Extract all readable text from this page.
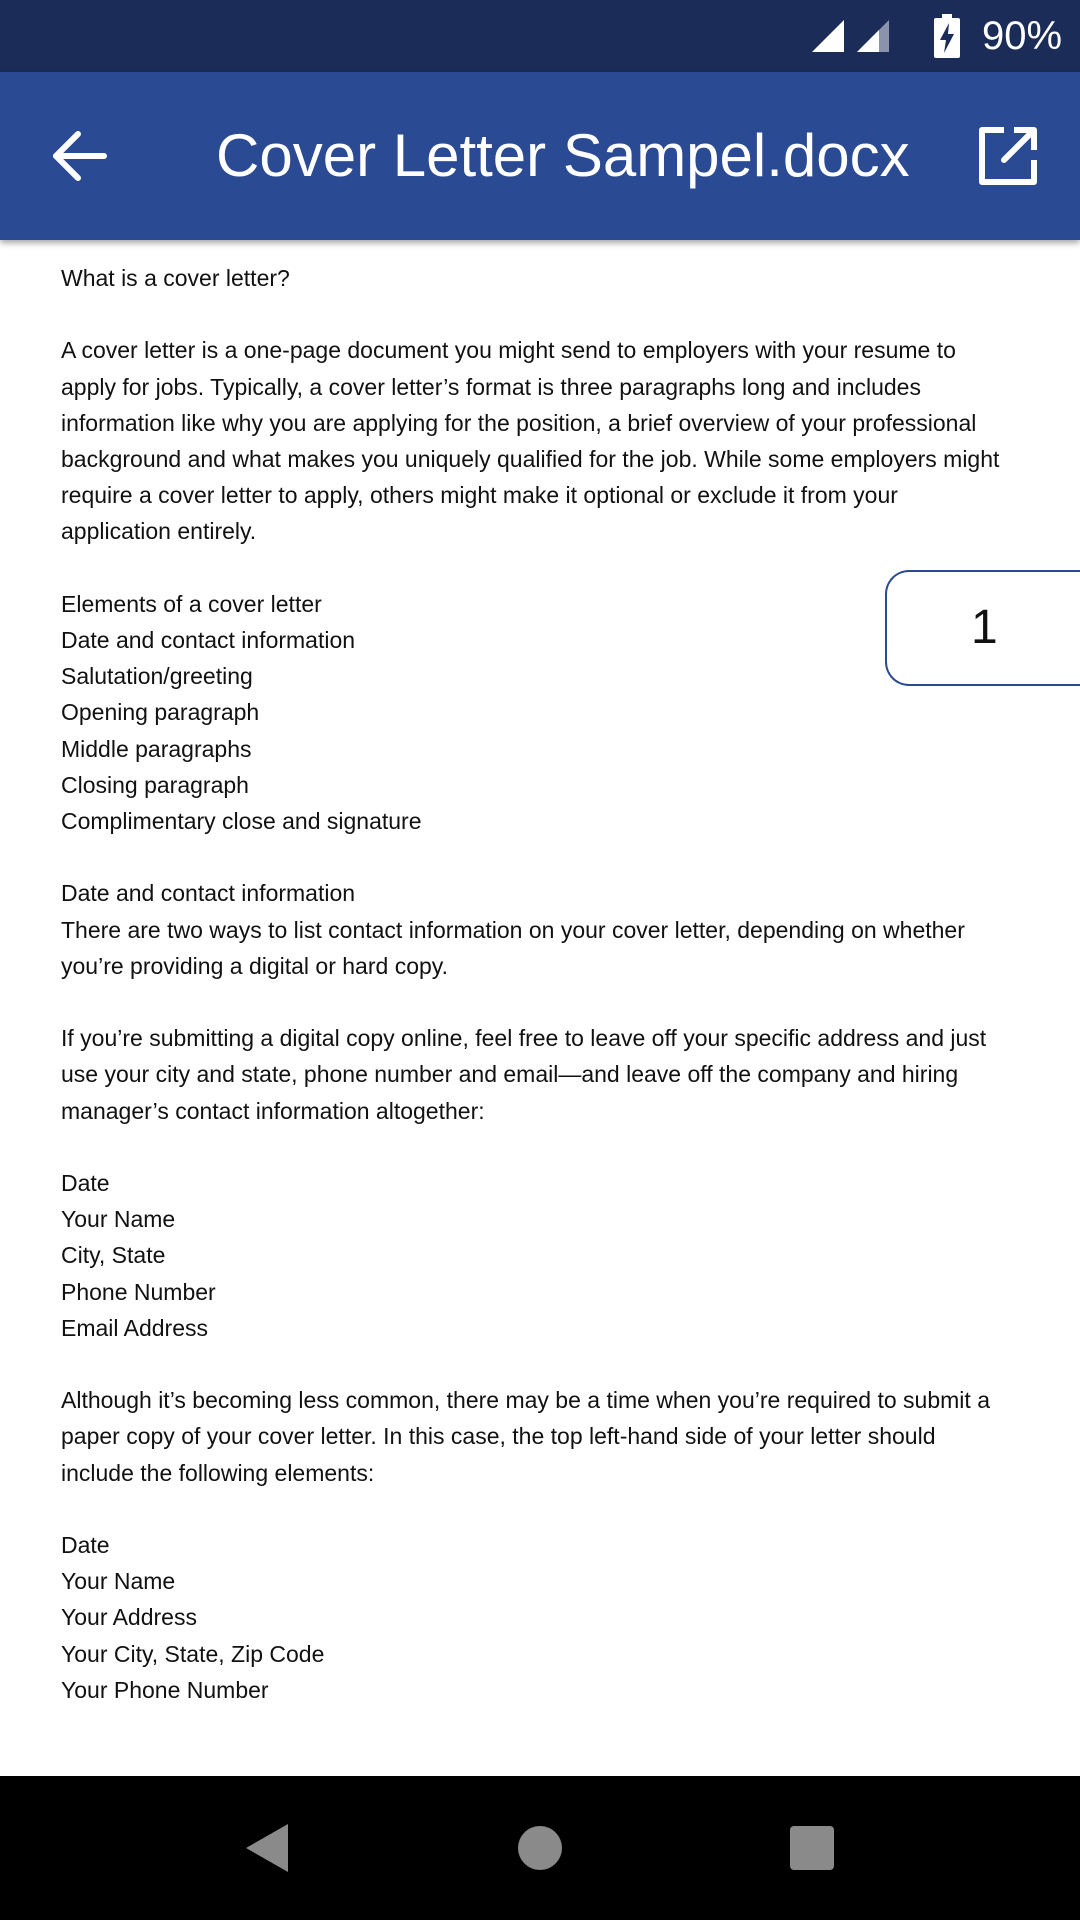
90%
Cover Letter Sampel.docx

What is a cover letter?

A cover letter is a one-page document you might send to employers with your resume to

apply for jobs. Typically, a cover letter’s format is three paragraphs long and includes

information like why you are applying for the position, a brief overview of your professional

background and what makes you uniquely qualified for the job. While some employers might

require a cover letter to apply, others might make it optional or exclude it from your

application entirely.

Elements of a cover letter

Date and contact information

Salutation/greeting

Opening paragraph

Middle paragraphs

Closing paragraph

Complimentary close and signature

Date and contact information

There are two ways to list contact information on your cover letter, depending on whether

you’re providing a digital or hard copy.

If you’re submitting a digital copy online, feel free to leave off your specific address and just

use your city and state, phone number and email—and leave off the company and hiring

manager’s contact information altogether:

Date

Your Name

City, State

Phone Number

Email Address

Although it’s becoming less common, there may be a time when you’re required to submit a

paper copy of your cover letter. In this case, the top left-hand side of your letter should

include the following elements:

Date

Your Name

Your Address

Your City, State, Zip Code

Your Phone Number

1
